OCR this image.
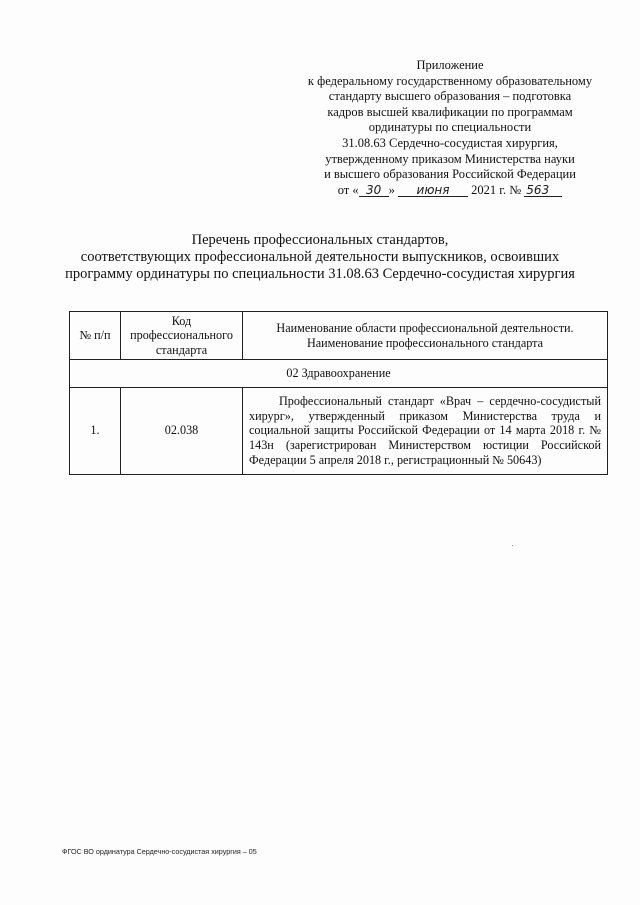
Приложение
к федеральному государственному образовательному
стандарту высшего образования – подготовка
кадров высшей квалификации по программам
ординатуры по специальности
31.08.63 Сердечно-сосудистая хирургия,
утвержденному приказом Министерства науки
и высшего образования Российской Федерации
от « 30 » июня 2021 г. № 563
Перечень профессиональных стандартов,
соответствующих профессиональной деятельности выпускников, освоивших
программу ординатуры по специальности 31.08.63 Сердечно-сосудистая хирургия
№ п/п	Код профессионального стандарта	Наименование области профессиональной деятельности.
Наименование профессионального стандарта
02 Здравоохранение		
1.	02.038	Профессиональный стандарт «Врач – сердечно-сосудистый хирург», утвержденный приказом Министерства труда и социальной защиты Российской Федерации от 14 марта 2018 г. № 143н (зарегистрирован Министерством юстиции Российской Федерации 5 апреля 2018 г., регистрационный № 50643)
ФГОС ВО ординатура Сердечно-сосудистая хирургия – 05
